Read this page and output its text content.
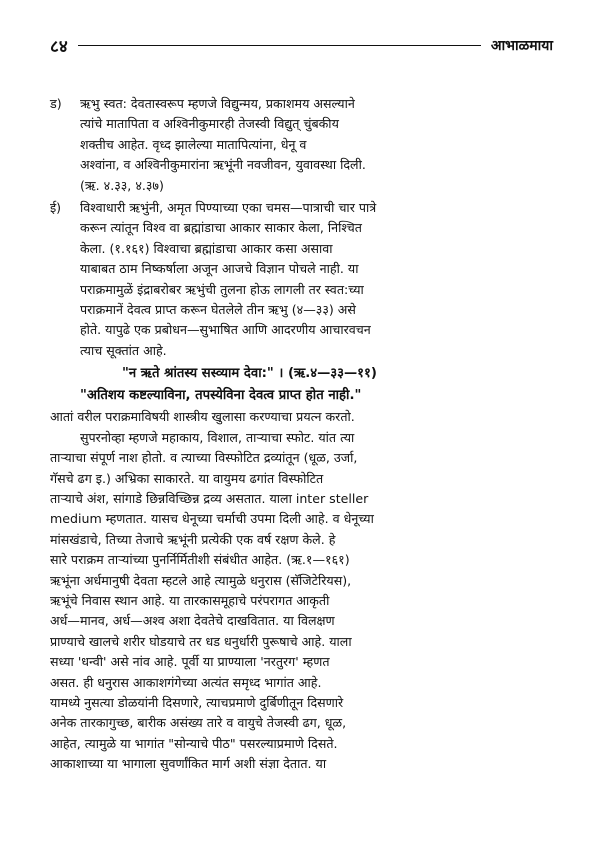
८४	आभाळमाया
ड)	ऋभु स्वत: देवतास्वरूप म्हणजे विद्युन्मय, प्रकाशमय असल्याने
त्यांचे मातापिता व अश्विनीकुमारही तेजस्वी विद्युत् चुंबकीय
शक्तीच आहेत. वृध्द झालेल्या मातापित्यांना, धेनू व
अश्वांना, व अश्विनीकुमारांना ऋभूंनी नवजीवन, युवावस्था दिली.
(ऋ. ४.३३, ४.३७)
ई)	विश्वाधारी ऋभुंनी, अमृत पिण्याच्या एका चमस—पात्राची चार पात्रे
करून त्यांतून विश्व वा ब्रह्मांडाचा आकार साकार केला, निश्चित
केला. (१.१६१) विश्वाचा ब्रह्मांडाचा आकार कसा असावा
याबाबत ठाम निष्कर्षाला अजून आजचे विज्ञान पोचले नाही. या
पराक्रमामुळें इंद्राबरोबर ऋभुंची तुलना होऊ लागली तर स्वत:च्या
पराक्रमानें देवत्व प्राप्त करून घेतलेले तीन ऋभु (४—३३) असे
होते. यापुढे एक प्रबोधन—सुभाषित आणि आदरणीय आचारवचन
त्याच सूक्तांत आहे.
"न ऋते श्रांतस्य सस्व्याम देवा:" । (ऋ.४—३३—११)
"अतिशय कष्टल्याविना, तपस्येविना देवत्व प्राप्त होत नाही."
आतां वरील पराक्रमाविषयी शास्त्रीय खुलासा करण्याचा प्रयत्न करतो.
सुपरनोव्हा म्हणजे महाकाय, विशाल, ताऱ्याचा स्फोट. यांत त्या
ताऱ्याचा संपूर्ण नाश होतो. व त्याच्या विस्फोटित द्रव्यांतून (धूळ, उर्जा,
गॅसचे ढग इ.) अभ्रिका साकारते. या वायुमय ढगांत विस्फोटित
ताऱ्याचे अंश, सांगाडे छिन्नविच्छिन्न द्रव्य असतात. याला inter steller
medium म्हणतात. यासच धेनूच्या चर्माची उपमा दिली आहे. व धेनूच्या
मांसखंडाचे, तिच्या तेजाचे ऋभूंनी प्रत्येकी एक वर्ष रक्षण केले. हे
सारे पराक्रम ताऱ्यांच्या पुनर्निर्मितीशी संबंधीत आहेत. (ऋ.१—१६१)
ऋभूंना अर्धमानुषी देवता म्हटले आहे त्यामुळे धनुरास (सॅजिटेरियस),
ऋभूंचे निवास स्थान आहे. या तारकासमूहाचे परंपरागत आकृती
अर्ध—मानव, अर्ध—अश्व अशा देवतेचे दाखवितात. या विलक्षण
प्राण्याचे खालचे शरीर घोडयाचे तर धड धनुर्धारी पुरूषाचे आहे. याला
सध्या 'धन्वी' असे नांव आहे. पूर्वी या प्राण्याला 'नरतुरग' म्हणत
असत. ही धनुरास आकाशगंगेच्या अत्यंत समृध्द भागांत आहे.
यामध्ये नुसत्या डोळयांनी दिसणारे, त्याचप्रमाणे दुर्बिणीतून दिसणारे
अनेक तारकागुच्छ, बारीक असंख्य तारे व वायुचे तेजस्वी ढग, धूळ,
आहेत, त्यामुळे या भागांत "सोन्याचे पीठ" पसरल्याप्रमाणे दिसते.
आकाशाच्या या भागाला सुवर्णांकित मार्ग अशी संज्ञा देतात. या
